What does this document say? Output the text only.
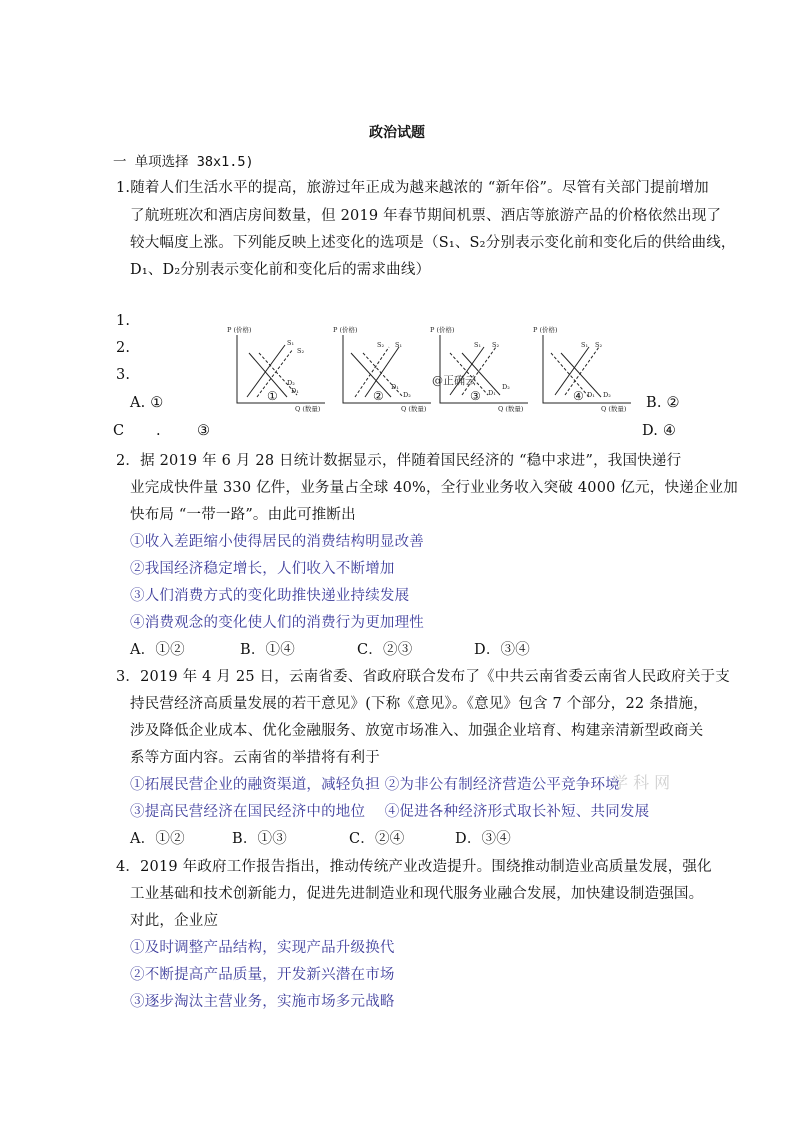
政治试题
一 单项选择 38x1.5)
1.随着人们生活水平的提高，旅游过年正成为越来越浓的 “新年俗”。尽管有关部门提前增加
了航班班次和酒店房间数量，但 2019 年春节期间机票、酒店等旅游产品的价格依然出现了
较大幅度上涨。下列能反映上述变化的选项是（S₁、S₂分别表示变化前和变化后的供给曲线，
D₁、D₂分别表示变化前和变化后的需求曲线）
1.
2.
3.
A. ①
C . ③
B. ②
D. ④
P (价格)
Q (数量)
S₁
S₂
D₂
D₁
①
P (价格)
Q (数量)
S₂ S₁
D₁
D₂
②
P (价格)
Q (数量)
S₁ S₂
D₁
D₂
③
@正确云
P (价格)
Q (数量)
S₁ S₂
D₁ D₂
④
2．据 2019 年 6 月 28 日统计数据显示，伴随着国民经济的 “稳中求进”，我国快递行
业完成快件量 330 亿件，业务量占全球 40%，全行业业务收入突破 4000 亿元，快递企业加
快布局 “一带一路”。由此可推断出
①收入差距缩小使得居民的消费结构明显改善
②我国经济稳定增长，人们收入不断增加
③人们消费方式的变化助推快递业持续发展
④消费观念的变化使人们的消费行为更加理性
A．①②	B．①④	C．②③	D．③④
3．2019 年 4 月 25 日，云南省委、省政府联合发布了《中共云南省委云南省人民政府关于支
持民营经济高质量发展的若干意见》(下称《意见》。《意见》包含 7 个部分，22 条措施，
涉及降低企业成本、优化金融服务、放宽市场准入、加强企业培育、构建亲清新型政商关
系等方面内容。云南省的举措将有利于
①拓展民营企业的融资渠道，减轻负担 ②为非公有制经济营造公平竞争环境
学 科 网
③提高民营经济在国民经济中的地位　 ④促进各种经济形式取长补短、共同发展
A．①②	B．①③	C．②④	D．③④
4．2019 年政府工作报告指出，推动传统产业改造提升。围绕推动制造业高质量发展，强化
工业基础和技术创新能力，促进先进制造业和现代服务业融合发展，加快建设制造强国。
对此，企业应
①及时调整产品结构，实现产品升级换代
②不断提高产品质量，开发新兴潜在市场
③逐步淘汰主营业务，实施市场多元战略
